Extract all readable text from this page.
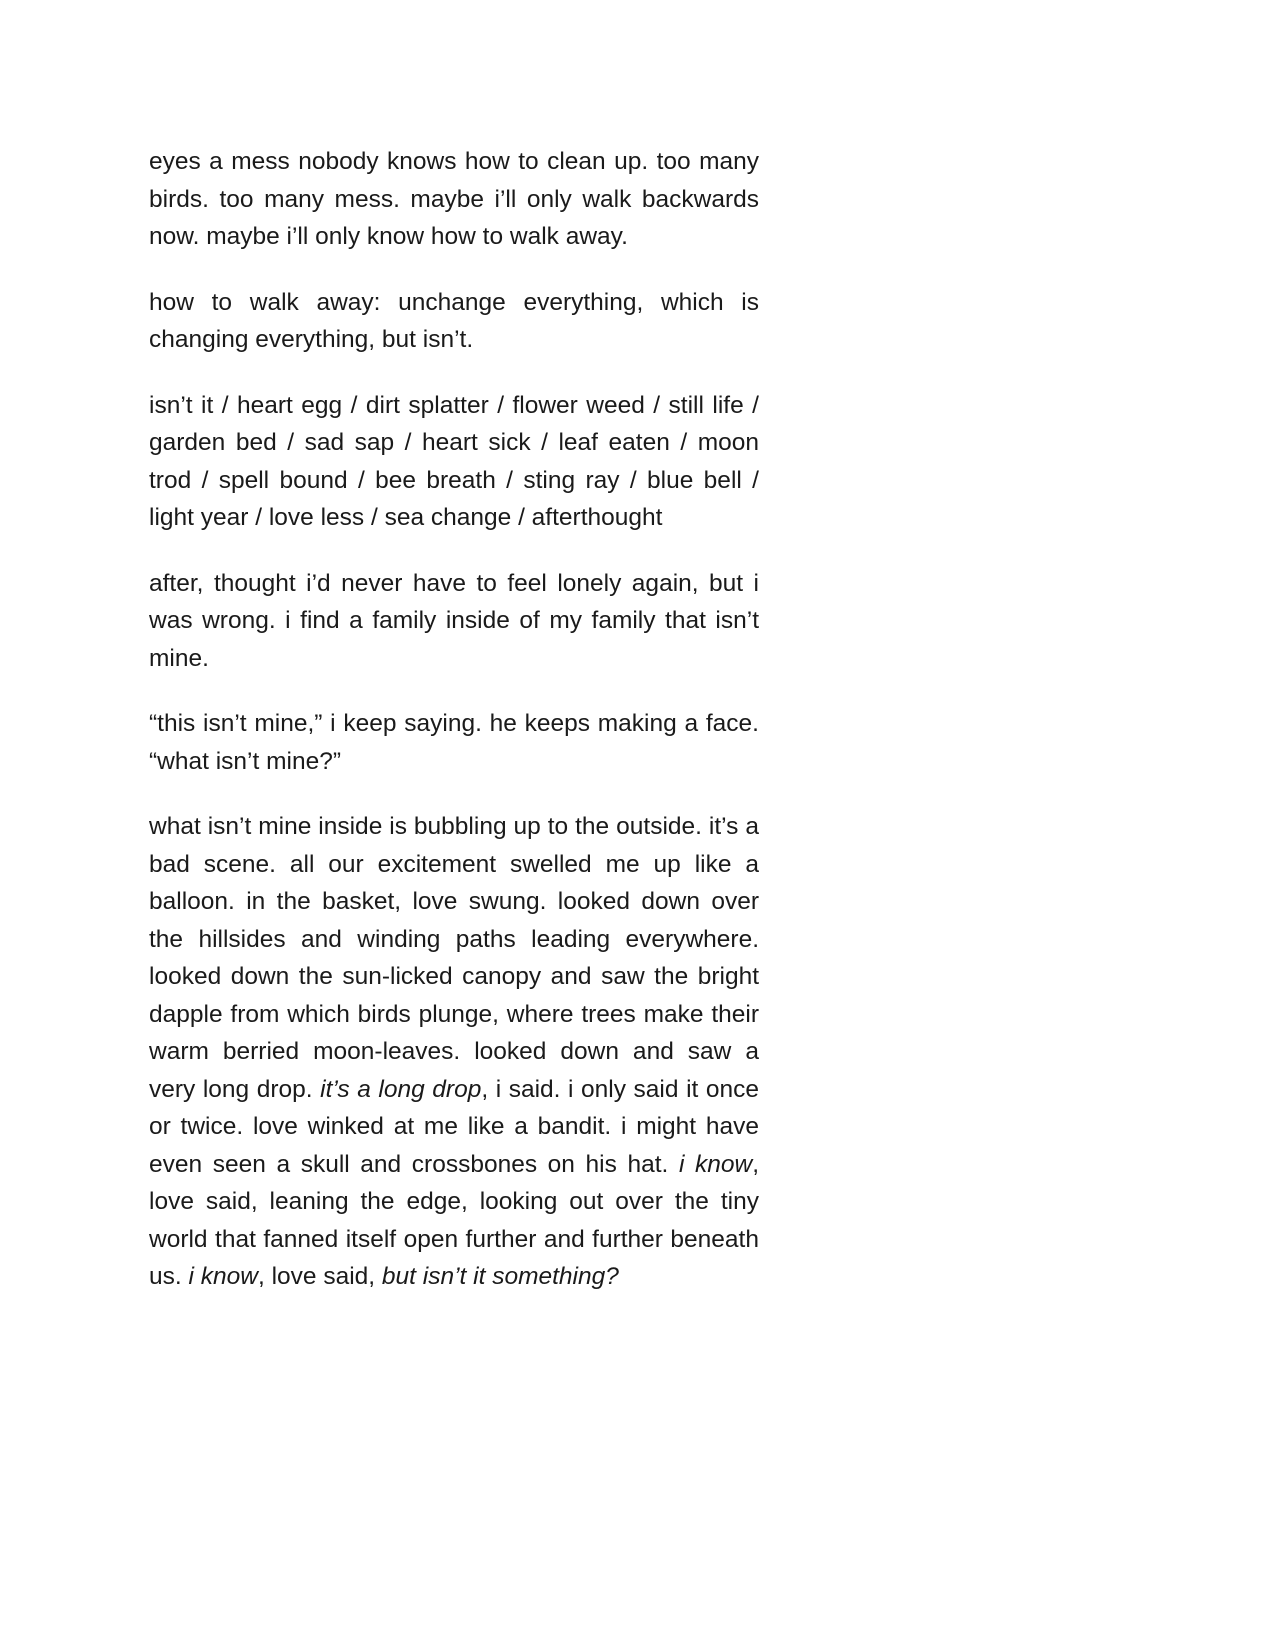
eyes a mess nobody knows how to clean up. too many birds. too many mess. maybe i’ll only walk backwards now. maybe i’ll only know how to walk away.

how to walk away: unchange everything, which is changing everything, but isn’t.

isn’t it / heart egg / dirt splatter / flower weed / still life / garden bed / sad sap / heart sick / leaf eaten / moon trod / spell bound / bee breath / sting ray / blue bell / light year / love less / sea change / afterthought

after, thought i’d never have to feel lonely again, but i was wrong. i find a family inside of my family that isn’t mine.

“this isn’t mine,” i keep saying. he keeps making a face. “what isn’t mine?”

what isn’t mine inside is bubbling up to the outside. it’s a bad scene. all our excitement swelled me up like a balloon. in the basket, love swung. looked down over the hillsides and winding paths leading everywhere. looked down the sun-licked canopy and saw the bright dapple from which birds plunge, where trees make their warm berried moon-leaves. looked down and saw a very long drop. it’s a long drop, i said. i only said it once or twice. love winked at me like a bandit. i might have even seen a skull and crossbones on his hat. i know, love said, leaning the edge, looking out over the tiny world that fanned itself open further and further beneath us. i know, love said, but isn’t it something?
